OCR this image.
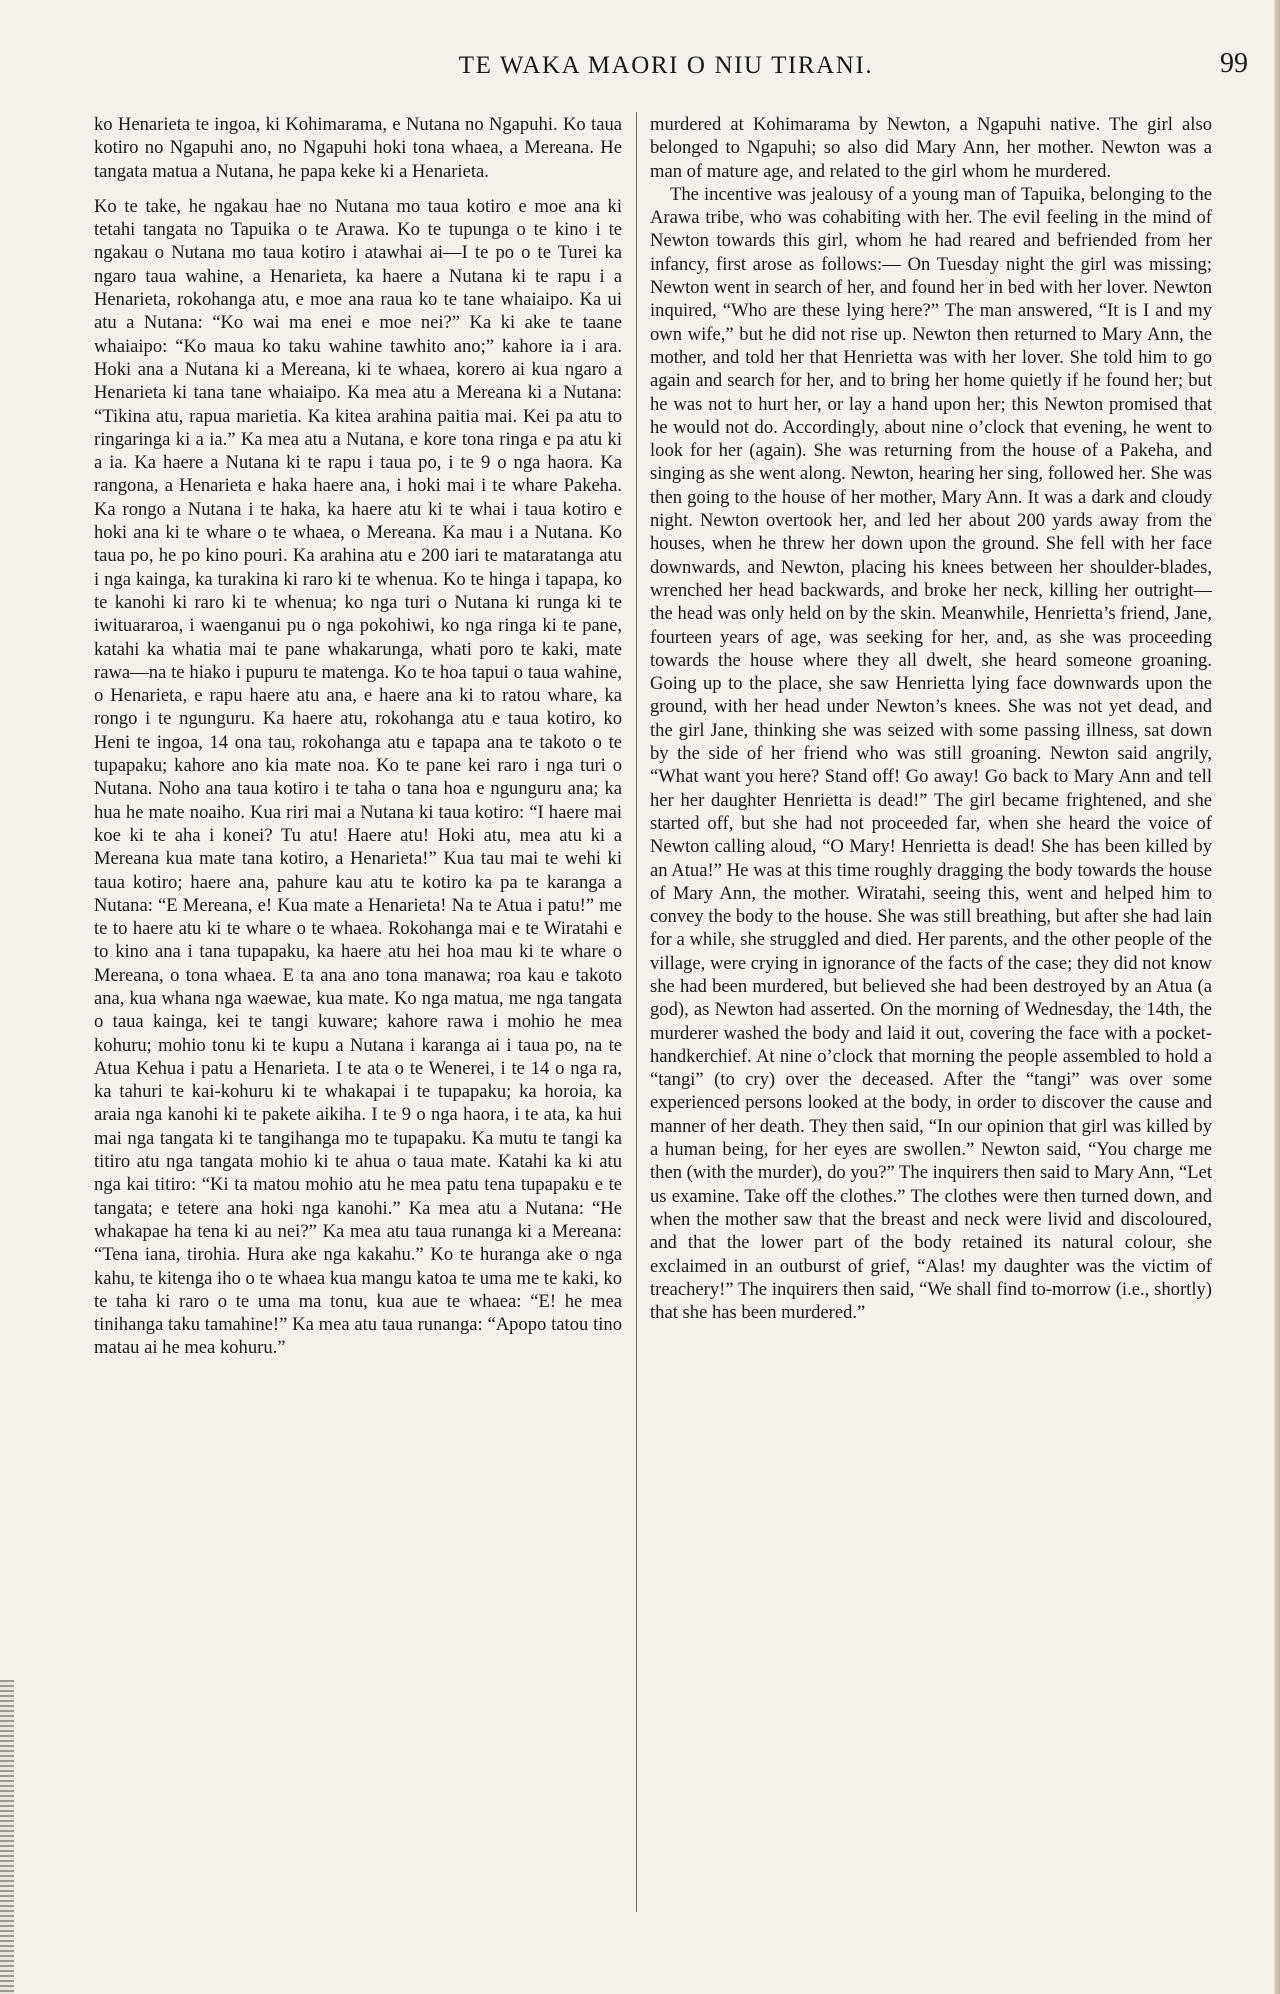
TE WAKA MAORI O NIU TIRANI.	99

ko Henarieta te ingoa, ki Kohimarama, e Nutana no Ngapuhi. Ko taua kotiro no Ngapuhi ano, no Ngapuhi hoki tona whaea, a Mereana. He tangata matua a Nutana, he papa keke ki a Henarieta.

Ko te take, he ngakau hae no Nutana mo taua kotiro e moe ana ki tetahi tangata no Tapuika o te Arawa. Ko te tupunga o te kino i te ngakau o Nutana mo taua kotiro i atawhai ai—I te po o te Turei ka ngaro taua wahine, a Henarieta, ka haere a Nutana ki te rapu i a Henarieta, rokohanga atu, e moe ana raua ko te tane whaiaipo. Ka ui atu a Nutana: “Ko wai ma enei e moe nei?” Ka ki ake te taane whaiaipo: “Ko maua ko taku wahine tawhito ano;” kahore ia i ara. Hoki ana a Nutana ki a Mereana, ki te whaea, korero ai kua ngaro a Henarieta ki tana tane whaiaipo. Ka mea atu a Mereana ki a Nutana: “Tikina atu, rapua marietia. Ka kitea arahina paitia mai. Kei pa atu to ringaringa ki a ia.” Ka mea atu a Nutana, e kore tona ringa e pa atu ki a ia. Ka haere a Nutana ki te rapu i taua po, i te 9 o nga haora. Ka rangona, a Henarieta e haka haere ana, i hoki mai i te whare Pakeha. Ka rongo a Nutana i te haka, ka haere atu ki te whai i taua kotiro e hoki ana ki te whare o te whaea, o Mereana. Ka mau i a Nutana. Ko taua po, he po kino pouri. Ka arahina atu e 200 iari te mataratanga atu i nga kainga, ka turakina ki raro ki te whenua. Ko te hinga i tapapa, ko te kanohi ki raro ki te whenua; ko nga turi o Nutana ki runga ki te iwituararoa, i waenganui pu o nga pokohiwi, ko nga ringa ki te pane, katahi ka whatia mai te pane whakarunga, whati poro te kaki, mate rawa—na te hiako i pupuru te matenga. Ko te hoa tapui o taua wahine, o Henarieta, e rapu haere atu ana, e haere ana ki to ratou whare, ka rongo i te ngunguru. Ka haere atu, rokohanga atu e taua kotiro, ko Heni te ingoa, 14 ona tau, rokohanga atu e tapapa ana te takoto o te tupapaku; kahore ano kia mate noa. Ko te pane kei raro i nga turi o Nutana. Noho ana taua kotiro i te taha o tana hoa e ngunguru ana; ka hua he mate noaiho. Kua riri mai a Nutana ki taua kotiro: “I haere mai koe ki te aha i konei? Tu atu! Haere atu! Hoki atu, mea atu ki a Mereana kua mate tana kotiro, a Henarieta!” Kua tau mai te wehi ki taua kotiro; haere ana, pahure kau atu te kotiro ka pa te karanga a Nutana: “E Mereana, e! Kua mate a Henarieta! Na te Atua i patu!” me te to haere atu ki te whare o te whaea. Rokohanga mai e te Wiratahi e to kino ana i tana tupapaku, ka haere atu hei hoa mau ki te whare o Mereana, o tona whaea. E ta ana ano tona manawa; roa kau e takoto ana, kua whana nga waewae, kua mate. Ko nga matua, me nga tangata o taua kainga, kei te tangi kuware; kahore rawa i mohio he mea kohuru; mohio tonu ki te kupu a Nutana i karanga ai i taua po, na te Atua Kehua i patu a Henarieta. I te ata o te Wenerei, i te 14 o nga ra, ka tahuri te kai-kohuru ki te whakapai i te tupapaku; ka horoia, ka araia nga kanohi ki te pakete aikiha. I te 9 o nga haora, i te ata, ka hui mai nga tangata ki te tangihanga mo te tupapaku. Ka mutu te tangi ka titiro atu nga tangata mohio ki te ahua o taua mate. Katahi ka ki atu nga kai titiro: “Ki ta matou mohio atu he mea patu tena tupapaku e te tangata; e tetere ana hoki nga kanohi.” Ka mea atu a Nutana: “He whakapae ha tena ki au nei?” Ka mea atu taua runanga ki a Mereana: “Tena iana, tirohia. Hura ake nga kakahu.” Ko te huranga ake o nga kahu, te kitenga iho o te whaea kua mangu katoa te uma me te kaki, ko te taha ki raro o te uma ma tonu, kua aue te whaea: “E! he mea tinihanga taku tamahine!” Ka mea atu taua runanga: “Apopo tatou tino matau ai he mea kohuru.”

murdered at Kohimarama by Newton, a Ngapuhi native. The girl also belonged to Ngapuhi; so also did Mary Ann, her mother. Newton was a man of mature age, and related to the girl whom he murdered.

The incentive was jealousy of a young man of Tapuika, belonging to the Arawa tribe, who was cohabiting with her. The evil feeling in the mind of Newton towards this girl, whom he had reared and befriended from her infancy, first arose as follows:— On Tuesday night the girl was missing; Newton went in search of her, and found her in bed with her lover. Newton inquired, “Who are these lying here?” The man answered, “It is I and my own wife,” but he did not rise up. Newton then returned to Mary Ann, the mother, and told her that Henrietta was with her lover. She told him to go again and search for her, and to bring her home quietly if he found her; but he was not to hurt her, or lay a hand upon her; this Newton promised that he would not do. Accordingly, about nine o’clock that evening, he went to look for her (again). She was returning from the house of a Pakeha, and singing as she went along. Newton, hearing her sing, followed her. She was then going to the house of her mother, Mary Ann. It was a dark and cloudy night. Newton overtook her, and led her about 200 yards away from the houses, when he threw her down upon the ground. She fell with her face downwards, and Newton, placing his knees between her shoulder-blades, wrenched her head backwards, and broke her neck, killing her outright—the head was only held on by the skin. Meanwhile, Henrietta’s friend, Jane, fourteen years of age, was seeking for her, and, as she was proceeding towards the house where they all dwelt, she heard someone groaning. Going up to the place, she saw Henrietta lying face downwards upon the ground, with her head under Newton’s knees. She was not yet dead, and the girl Jane, thinking she was seized with some passing illness, sat down by the side of her friend who was still groaning. Newton said angrily, “What want you here? Stand off! Go away! Go back to Mary Ann and tell her her daughter Henrietta is dead!” The girl became frightened, and she started off, but she had not proceeded far, when she heard the voice of Newton calling aloud, “O Mary! Henrietta is dead! She has been killed by an Atua!” He was at this time roughly dragging the body towards the house of Mary Ann, the mother. Wiratahi, seeing this, went and helped him to convey the body to the house. She was still breathing, but after she had lain for a while, she struggled and died. Her parents, and the other people of the village, were crying in ignorance of the facts of the case; they did not know she had been murdered, but believed she had been destroyed by an Atua (a god), as Newton had asserted. On the morning of Wednesday, the 14th, the murderer washed the body and laid it out, covering the face with a pocket-handkerchief. At nine o’clock that morning the people assembled to hold a “tangi” (to cry) over the deceased. After the “tangi” was over some experienced persons looked at the body, in order to discover the cause and manner of her death. They then said, “In our opinion that girl was killed by a human being, for her eyes are swollen.” Newton said, “You charge me then (with the murder), do you?” The inquirers then said to Mary Ann, “Let us examine. Take off the clothes.” The clothes were then turned down, and when the mother saw that the breast and neck were livid and discoloured, and that the lower part of the body retained its natural colour, she exclaimed in an outburst of grief, “Alas! my daughter was the victim of treachery!” The inquirers then said, “We shall find to-morrow (i.e., shortly) that she has been murdered.”
